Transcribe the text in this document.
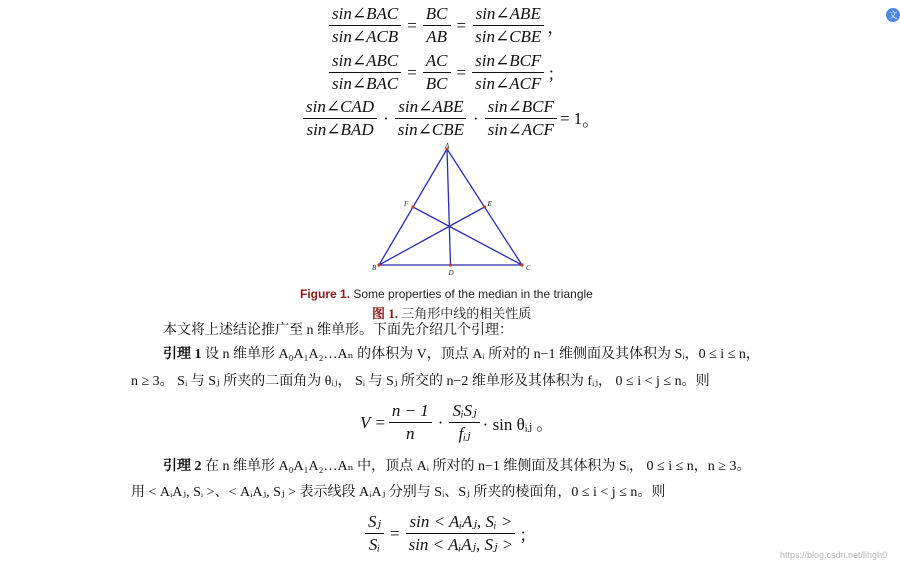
$\frac{\text{sin∠BAC}}{\text{sin∠ACB}} = \frac{BC}{AB} = \frac{\text{sin∠ABE}}{\text{sin∠CBE}}$ ，
$\frac{\text{sin∠ABC}}{\text{sin∠BAC}} = \frac{AC}{BC} = \frac{\text{sin∠BCF}}{\text{sin∠ACF}}$ ；
$\frac{\text{sin∠CAD}}{\text{sin∠BAD}} \cdot \frac{\text{sin∠ABE}}{\text{sin∠CBE}} \cdot \frac{\text{sin∠BCF}}{\text{sin∠ACF}} = 1$ 。
A
B	C
D
E
F
Figure 1. Some properties of the median in the triangle
图 1. 三角形中线的相关性质
本文将上述结论推广至 n 维单形。下面先介绍几个引理：
引理 1 设 n 维单形 A₀A₁A₂…Aₙ 的体积为 V，顶点 Aᵢ 所对的 n−1 维侧面及其体积为 Sᵢ，0 ≤ i ≤ n，
n ≥ 3。 Sᵢ 与 Sⱼ 所夹的二面角为 θᵢⱼ， Sᵢ 与 Sⱼ 所交的 n−2 维单形及其体积为 fᵢⱼ， 0 ≤ i < j ≤ n。则
$V = \frac{n - 1}{n} \cdot \frac{\text{SᵢSⱼ}}{\text{fᵢⱼ}} \cdot \sin$ θᵢⱼ 。
引理 2 在 n 维单形 A₀A₁A₂…Aₙ 中，顶点 Aᵢ 所对的 n−1 维侧面及其体积为 Sᵢ， 0 ≤ i ≤ n，n ≥ 3。
用 < AᵢAⱼ, Sᵢ >、< AᵢAⱼ, Sⱼ > 表示线段 AᵢAⱼ 分别与 Sᵢ、Sⱼ 所夹的棱面角，0 ≤ i < j ≤ n。则
$\frac{\text{Sⱼ}}{\text{Sᵢ}} = \frac{\text{sin < AᵢAⱼ, Sᵢ >}}{\text{sin < AᵢAⱼ, Sⱼ >}}$ ；
https://blog.csdn.net/lihgh0
文
